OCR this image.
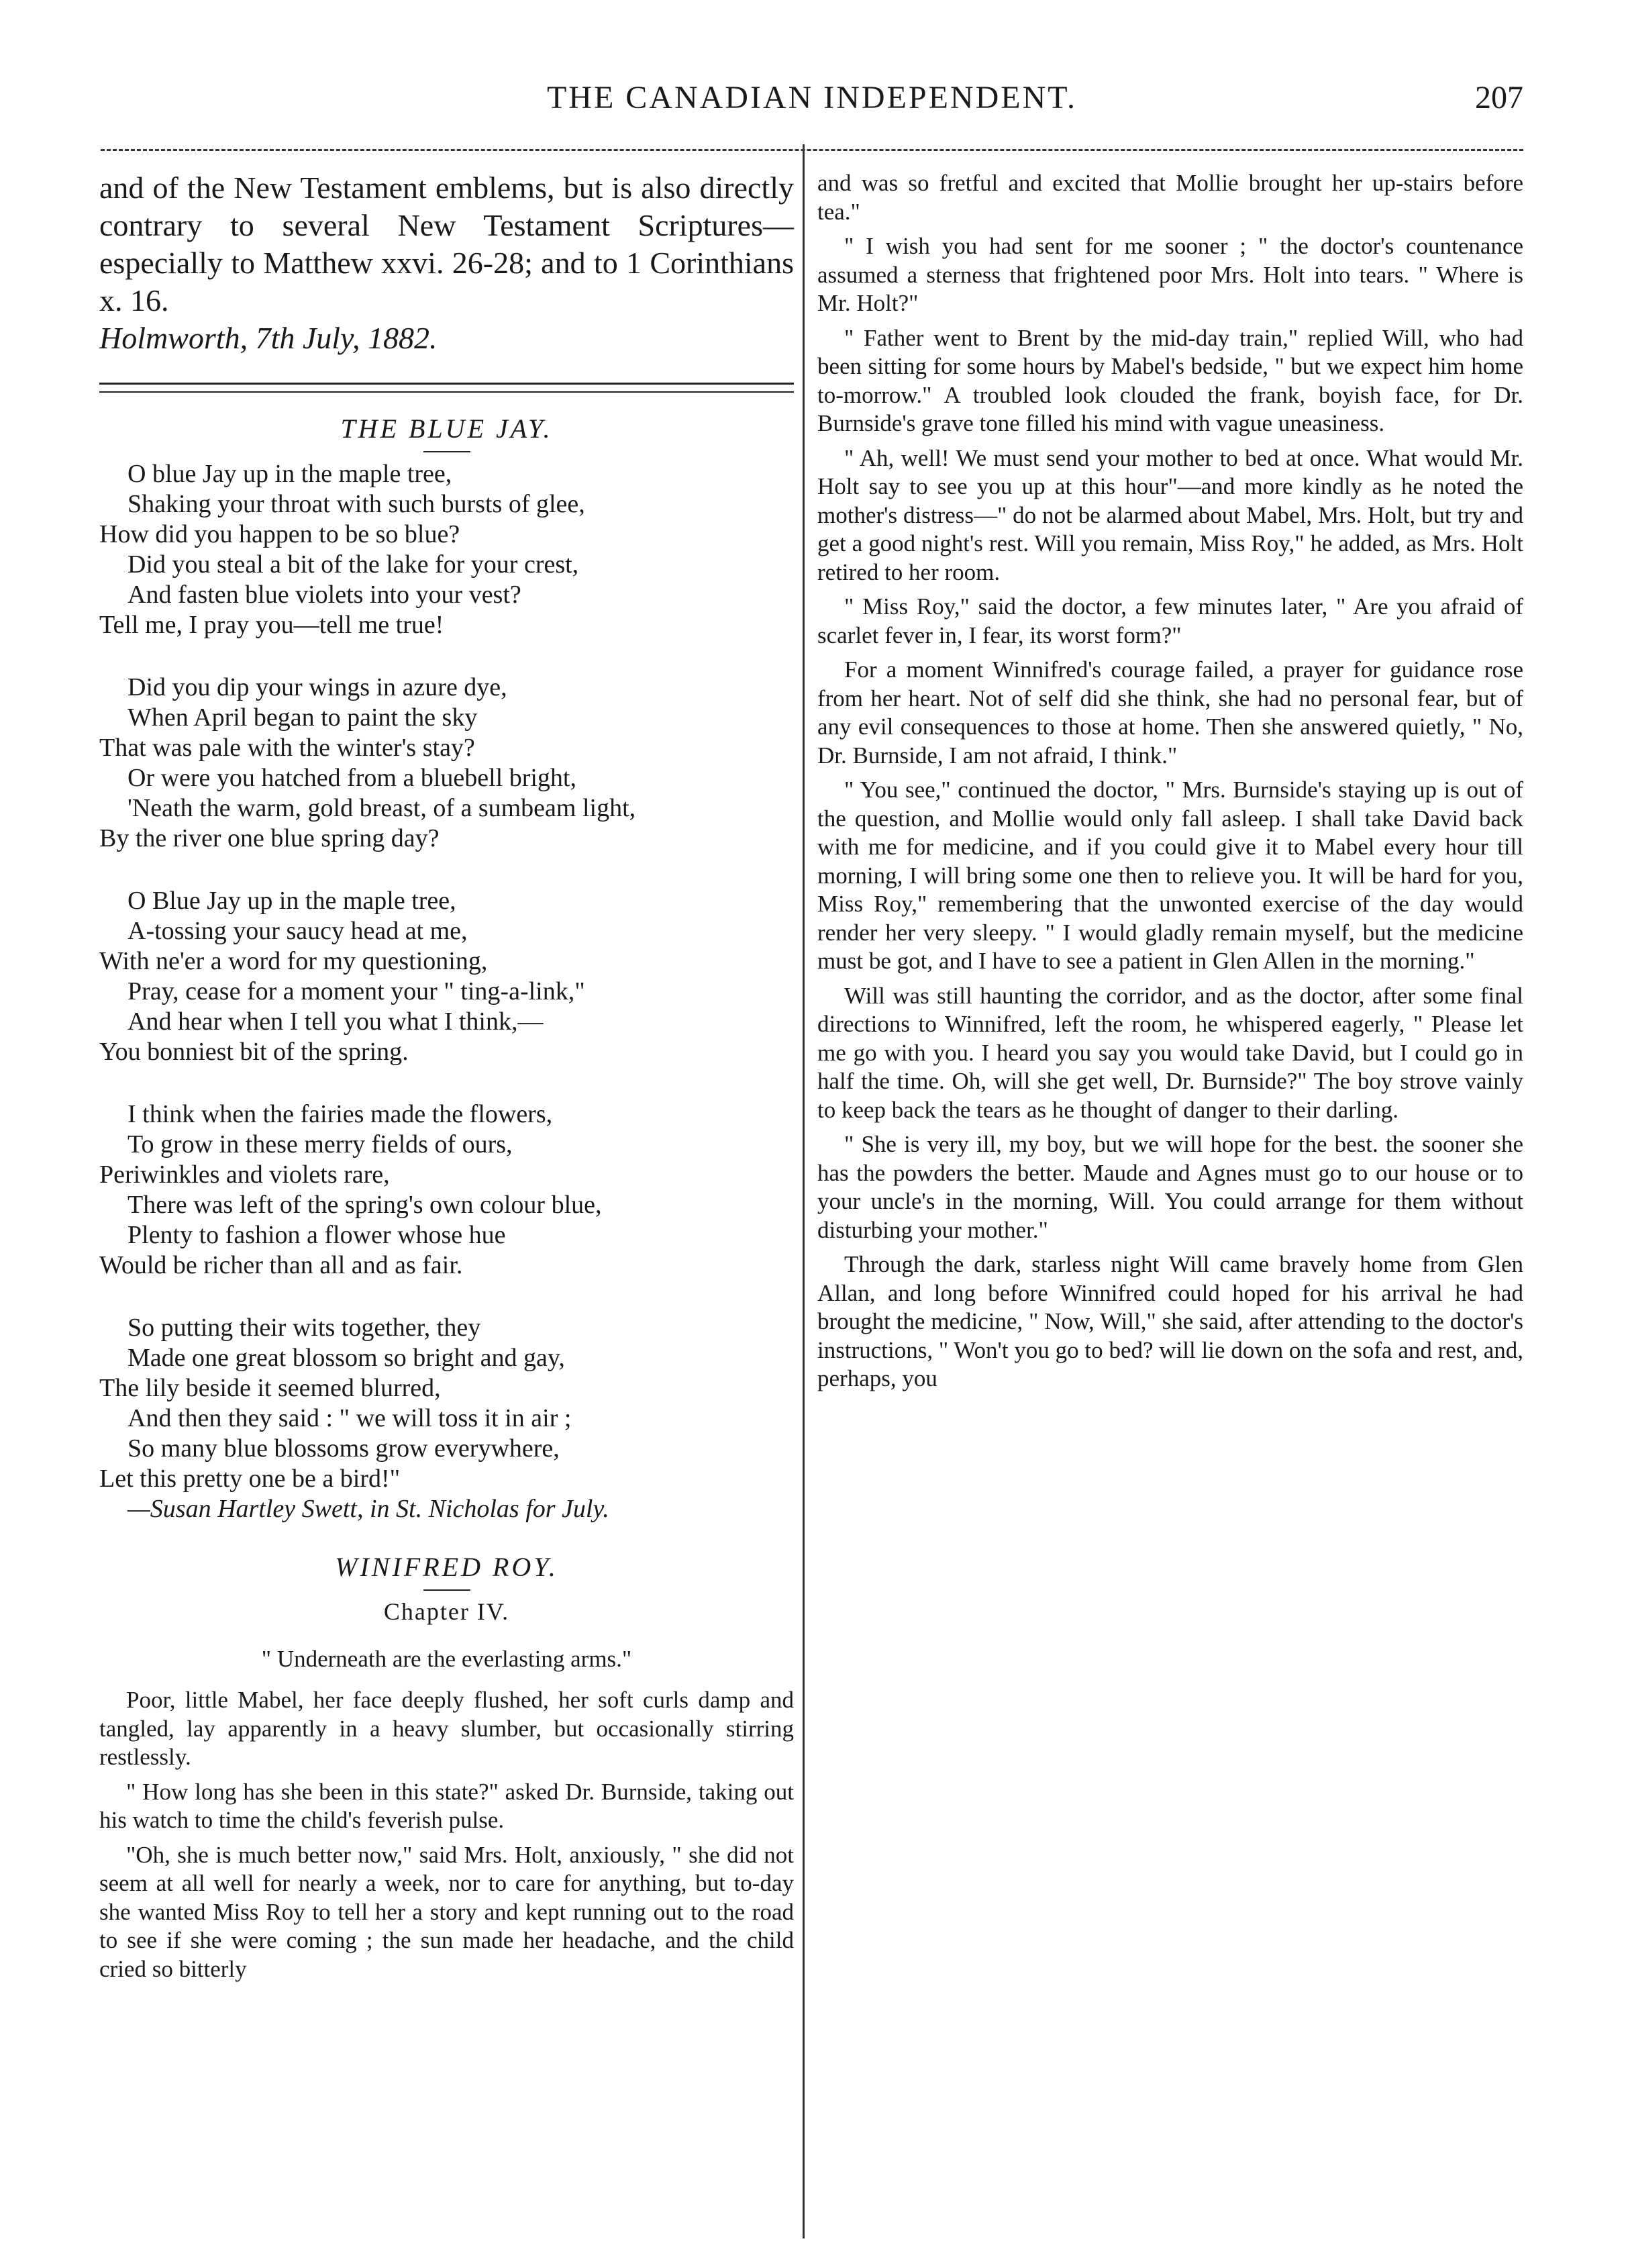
THE CANADIAN INDEPENDENT.	207

and of the New Testament emblems, but is also directly contrary to several New Testament Scriptures—especially to Matthew xxvi. 26-28; and to 1 Corinthians x. 16.

Holmworth, 7th July, 1882.

THE BLUE JAY.
O blue Jay up in the maple tree,
Shaking your throat with such bursts of glee,
How did you happen to be so blue?
Did you steal a bit of the lake for your crest,
And fasten blue violets into your vest?
Tell me, I pray you—tell me true!
Did you dip your wings in azure dye,
When April began to paint the sky
That was pale with the winter's stay?
Or were you hatched from a bluebell bright,
'Neath the warm, gold breast, of a sumbeam light,
By the river one blue spring day?
O Blue Jay up in the maple tree,
A-tossing your saucy head at me,
With ne'er a word for my questioning,
Pray, cease for a moment your " ting-a-link,"
And hear when I tell you what I think,—
You bonniest bit of the spring.
I think when the fairies made the flowers,
To grow in these merry fields of ours,
Periwinkles and violets rare,
There was left of the spring's own colour blue,
Plenty to fashion a flower whose hue
Would be richer than all and as fair.
So putting their wits together, they
Made one great blossom so bright and gay,
The lily beside it seemed blurred,
And then they said : " we will toss it in air ;
So many blue blossoms grow everywhere,
Let this pretty one be a bird!"
—Susan Hartley Swett, in St. Nicholas for July.
WINIFRED ROY.
Chapter IV.
" Underneath are the everlasting arms."

Poor, little Mabel, her face deeply flushed, her soft curls damp and tangled, lay apparently in a heavy slumber, but occasionally stirring restlessly.

" How long has she been in this state?" asked Dr. Burnside, taking out his watch to time the child's feverish pulse.

"Oh, she is much better now," said Mrs. Holt, anxiously, " she did not seem at all well for nearly a week, nor to care for anything, but to-day she wanted Miss Roy to tell her a story and kept running out to the road to see if she were coming ; the sun made her headache, and the child cried so bitterly

and was so fretful and excited that Mollie brought her up-stairs before tea."

" I wish you had sent for me sooner ; " the doctor's countenance assumed a sterness that frightened poor Mrs. Holt into tears. " Where is Mr. Holt?"

" Father went to Brent by the mid-day train," replied Will, who had been sitting for some hours by Mabel's bedside, " but we expect him home to-morrow." A troubled look clouded the frank, boyish face, for Dr. Burnside's grave tone filled his mind with vague uneasiness.

" Ah, well! We must send your mother to bed at once. What would Mr. Holt say to see you up at this hour"—and more kindly as he noted the mother's distress—" do not be alarmed about Mabel, Mrs. Holt, but try and get a good night's rest. Will you remain, Miss Roy," he added, as Mrs. Holt retired to her room.

" Miss Roy," said the doctor, a few minutes later, " Are you afraid of scarlet fever in, I fear, its worst form?"

For a moment Winnifred's courage failed, a prayer for guidance rose from her heart. Not of self did she think, she had no personal fear, but of any evil consequences to those at home. Then she answered quietly, " No, Dr. Burnside, I am not afraid, I think."

" You see," continued the doctor, " Mrs. Burnside's staying up is out of the question, and Mollie would only fall asleep. I shall take David back with me for medicine, and if you could give it to Mabel every hour till morning, I will bring some one then to relieve you. It will be hard for you, Miss Roy," remembering that the unwonted exercise of the day would render her very sleepy. " I would gladly remain myself, but the medicine must be got, and I have to see a patient in Glen Allen in the morning."

Will was still haunting the corridor, and as the doctor, after some final directions to Winnifred, left the room, he whispered eagerly, " Please let me go with you. I heard you say you would take David, but I could go in half the time. Oh, will she get well, Dr. Burnside?" The boy strove vainly to keep back the tears as he thought of danger to their darling.

" She is very ill, my boy, but we will hope for the best. the sooner she has the powders the better. Maude and Agnes must go to our house or to your uncle's in the morning, Will. You could arrange for them without disturbing your mother."

Through the dark, starless night Will came bravely home from Glen Allan, and long before Winnifred could hoped for his arrival he had brought the medicine, " Now, Will," she said, after attending to the doctor's instructions, " Won't you go to bed? will lie down on the sofa and rest, and, perhaps, you
